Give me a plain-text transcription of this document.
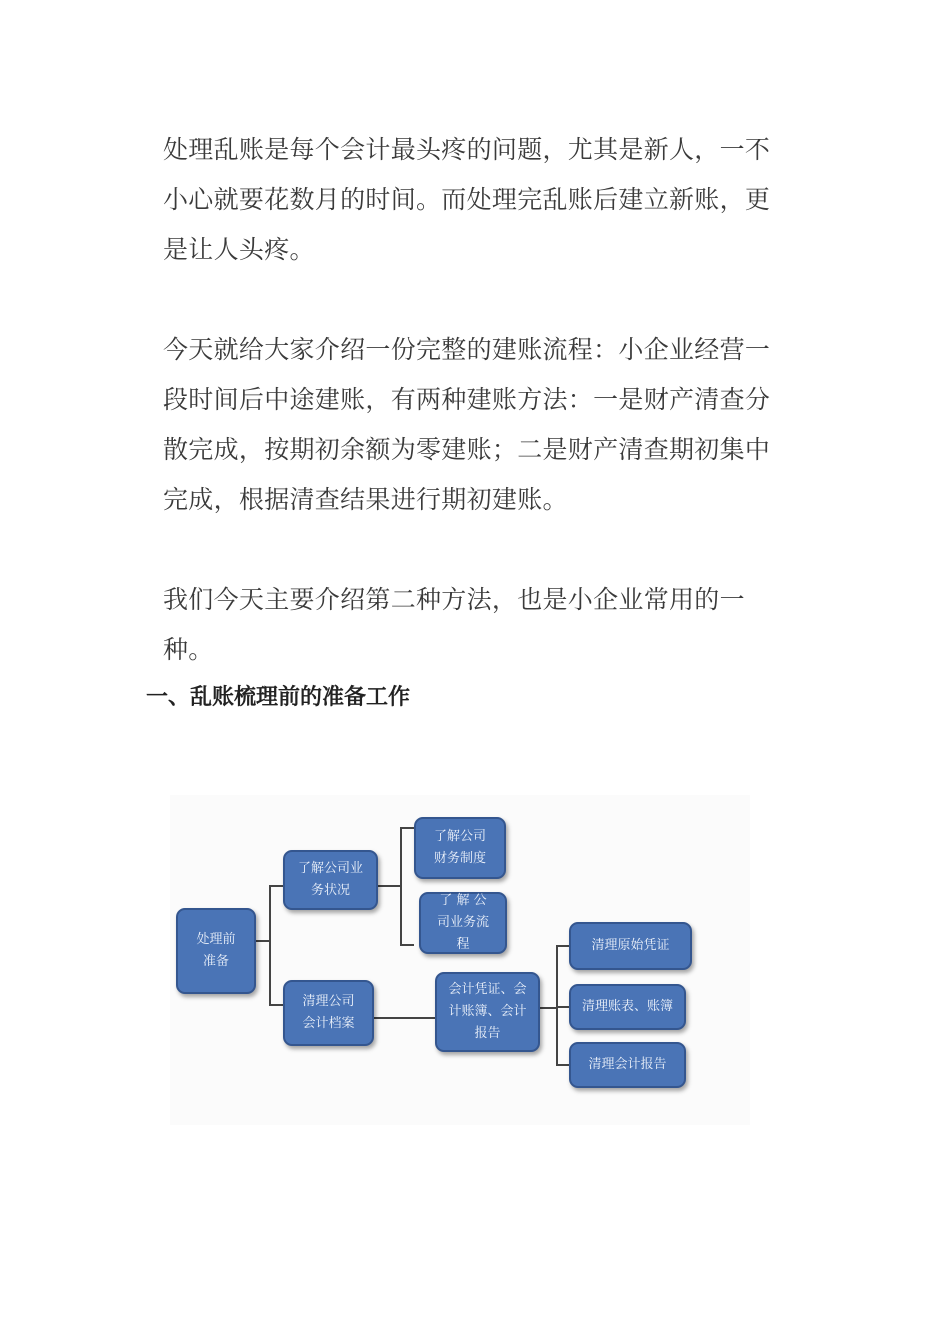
处理乱账是每个会计最头疼的问题，尤其是新人，一不小心就要花数月的时间。而处理完乱账后建立新账，更是让人头疼。

今天就给大家介绍一份完整的建账流程：小企业经营一段时间后中途建账，有两种建账方法：一是财产清查分散完成，按期初余额为零建账；二是财产清查期初集中完成，根据清查结果进行期初建账。

我们今天主要介绍第二种方法，也是小企业常用的一种。

一、乱账梳理前的准备工作
处理前准备
了解公司业务状况
清理公司会计档案
了解公司财务制度
了 解 公 司业务流程
会计凭证、会计账簿、会计报告
清理原始凭证
清理账表、账簿
清理会计报告
